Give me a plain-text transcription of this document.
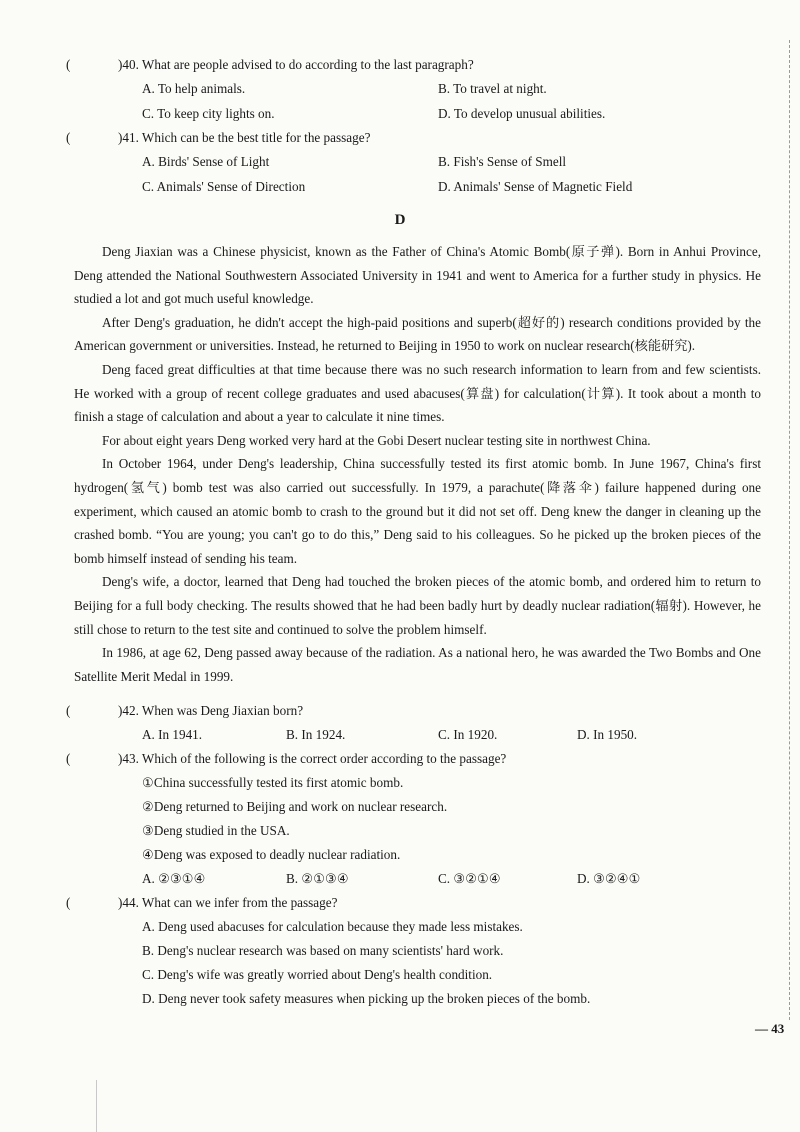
(	)40. What are people advised to do according to the last paragraph?
A. To help animals.	B. To travel at night.
C. To keep city lights on.	D. To develop unusual abilities.
(	)41. Which can be the best title for the passage?
A. Birds' Sense of Light	B. Fish's Sense of Smell
C. Animals' Sense of Direction	D. Animals' Sense of Magnetic Field
D

Deng Jiaxian was a Chinese physicist, known as the Father of China's Atomic Bomb(原子弹). Born in Anhui Province, Deng attended the National Southwestern Associated University in 1941 and went to America for a further study in physics. He studied a lot and got much useful knowledge.

After Deng's graduation, he didn't accept the high-paid positions and superb(超好的) research conditions provided by the American government or universities. Instead, he returned to Beijing in 1950 to work on nuclear research(核能研究).

Deng faced great difficulties at that time because there was no such research information to learn from and few scientists. He worked with a group of recent college graduates and used abacuses(算盘) for calculation(计算). It took about a month to finish a stage of calculation and about a year to calculate it nine times.

For about eight years Deng worked very hard at the Gobi Desert nuclear testing site in northwest China.

In October 1964, under Deng's leadership, China successfully tested its first atomic bomb. In June 1967, China's first hydrogen(氢气) bomb test was also carried out successfully. In 1979, a parachute(降落伞) failure happened during one experiment, which caused an atomic bomb to crash to the ground but it did not set off. Deng knew the danger in cleaning up the crashed bomb. “You are young; you can't go to do this,” Deng said to his colleagues. So he picked up the broken pieces of the bomb himself instead of sending his team.

Deng's wife, a doctor, learned that Deng had touched the broken pieces of the atomic bomb, and ordered him to return to Beijing for a full body checking. The results showed that he had been badly hurt by deadly nuclear radiation(辐射). However, he still chose to return to the test site and continued to solve the problem himself.

In 1986, at age 62, Deng passed away because of the radiation. As a national hero, he was awarded the Two Bombs and One Satellite Merit Medal in 1999.

(	)42. When was Deng Jiaxian born?
A. In 1941.	B. In 1924.	C. In 1920.	D. In 1950.
(	)43. Which of the following is the correct order according to the passage?
①China successfully tested its first atomic bomb.
②Deng returned to Beijing and work on nuclear research.
③Deng studied in the USA.
④Deng was exposed to deadly nuclear radiation.
A. ②③①④	B. ②①③④	C. ③②①④	D. ③②④①
(	)44. What can we infer from the passage?
A. Deng used abacuses for calculation because they made less mistakes.
B. Deng's nuclear research was based on many scientists' hard work.
C. Deng's wife was greatly worried about Deng's health condition.
D. Deng never took safety measures when picking up the broken pieces of the bomb.
— 43
